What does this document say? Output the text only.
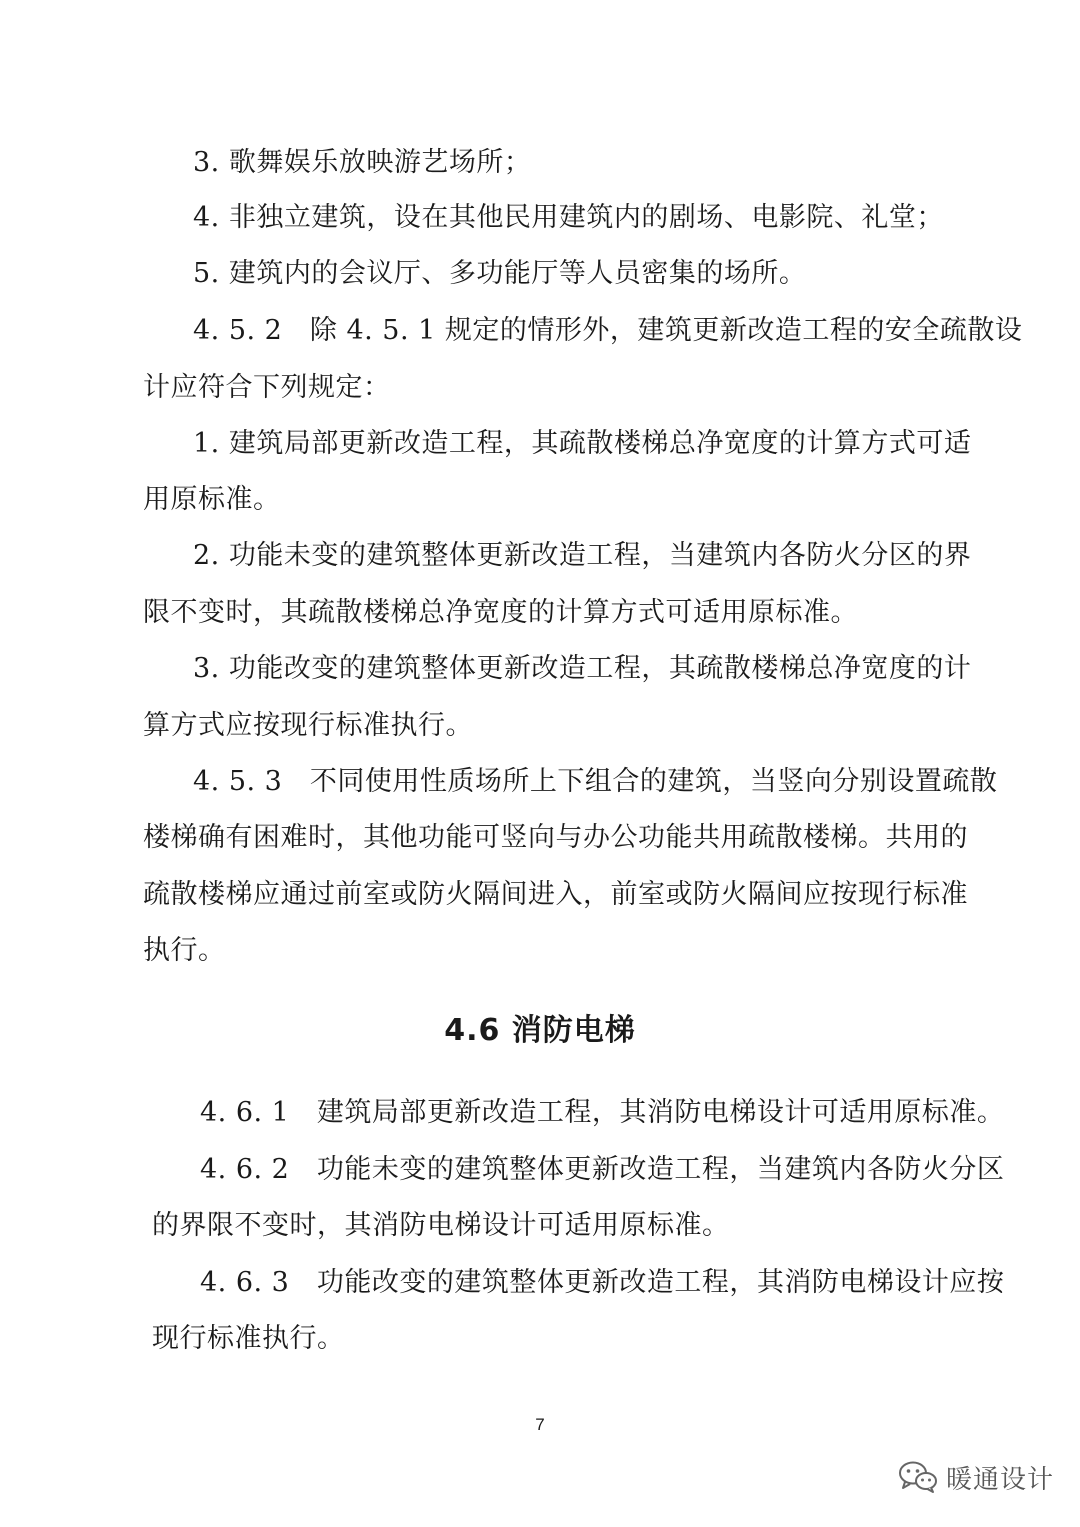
3. 歌舞娱乐放映游艺场所；
4. 非独立建筑，设在其他民用建筑内的剧场、电影院、礼堂；
5. 建筑内的会议厅、多功能厅等人员密集的场所。
4. 5. 2　除 4. 5. 1 规定的情形外，建筑更新改造工程的安全疏散设
计应符合下列规定：
1. 建筑局部更新改造工程，其疏散楼梯总净宽度的计算方式可适
用原标准。
2. 功能未变的建筑整体更新改造工程，当建筑内各防火分区的界
限不变时，其疏散楼梯总净宽度的计算方式可适用原标准。
3. 功能改变的建筑整体更新改造工程，其疏散楼梯总净宽度的计
算方式应按现行标准执行。
4. 5. 3　不同使用性质场所上下组合的建筑，当竖向分别设置疏散
楼梯确有困难时，其他功能可竖向与办公功能共用疏散楼梯。共用的
疏散楼梯应通过前室或防火隔间进入，前室或防火隔间应按现行标准
执行。
4.6 消防电梯
4. 6. 1　建筑局部更新改造工程，其消防电梯设计可适用原标准。
4. 6. 2　功能未变的建筑整体更新改造工程，当建筑内各防火分区
的界限不变时，其消防电梯设计可适用原标准。
4. 6. 3　功能改变的建筑整体更新改造工程，其消防电梯设计应按
现行标准执行。
7
暖通设计
